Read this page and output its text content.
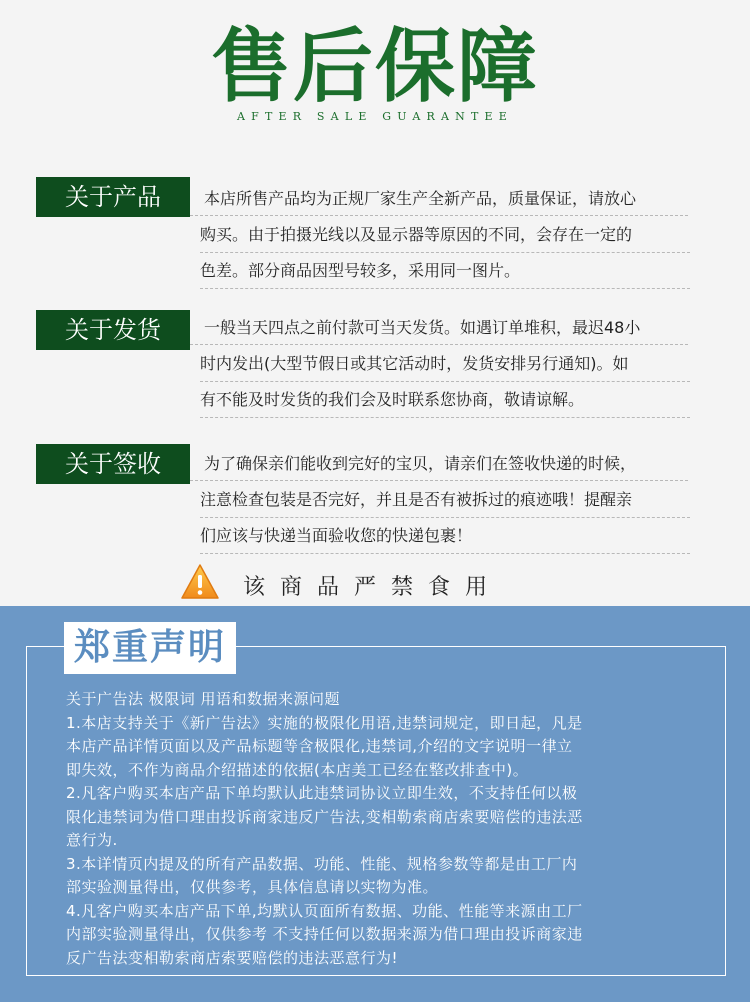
售后保障
AFTER SALE GUARANTEE
关于产品	本店所售产品均为正规厂家生产全新产品，质量保证，请放心
购买。由于拍摄光线以及显示器等原因的不同，会存在一定的
色差。部分商品因型号较多，采用同一图片。
关于发货	一般当天四点之前付款可当天发货。如遇订单堆积，最迟48小
时内发出(大型节假日或其它活动时，发货安排另行通知)。如
有不能及时发货的我们会及时联系您协商，敬请谅解。
关于签收	为了确保亲们能收到完好的宝贝，请亲们在签收快递的时候，
注意检查包装是否完好，并且是否有被拆过的痕迹哦！提醒亲
们应该与快递当面验收您的快递包裹！
该商品严禁食用
郑重声明
关于广告法 极限词 用语和数据来源问题
1.本店支持关于《新广告法》实施的极限化用语,违禁词规定，即日起，凡是
本店产品详情页面以及产品标题等含极限化,违禁词,介绍的文字说明一律立
即失效，不作为商品介绍描述的依据(本店美工已经在整改排查中)。
2.凡客户购买本店产品下单均默认此违禁词协议立即生效，不支持任何以极
限化违禁词为借口理由投诉商家违反广告法,变相勒索商店索要赔偿的违法恶
意行为.
3.本详情页内提及的所有产品数据、功能、性能、规格参数等都是由工厂内
部实验测量得出，仅供参考，具体信息请以实物为准。
4.凡客户购买本店产品下单,均默认页面所有数据、功能、性能等来源由工厂
内部实验测量得出，仅供参考 不支持任何以数据来源为借口理由投诉商家违
反广告法变相勒索商店索要赔偿的违法恶意行为!
